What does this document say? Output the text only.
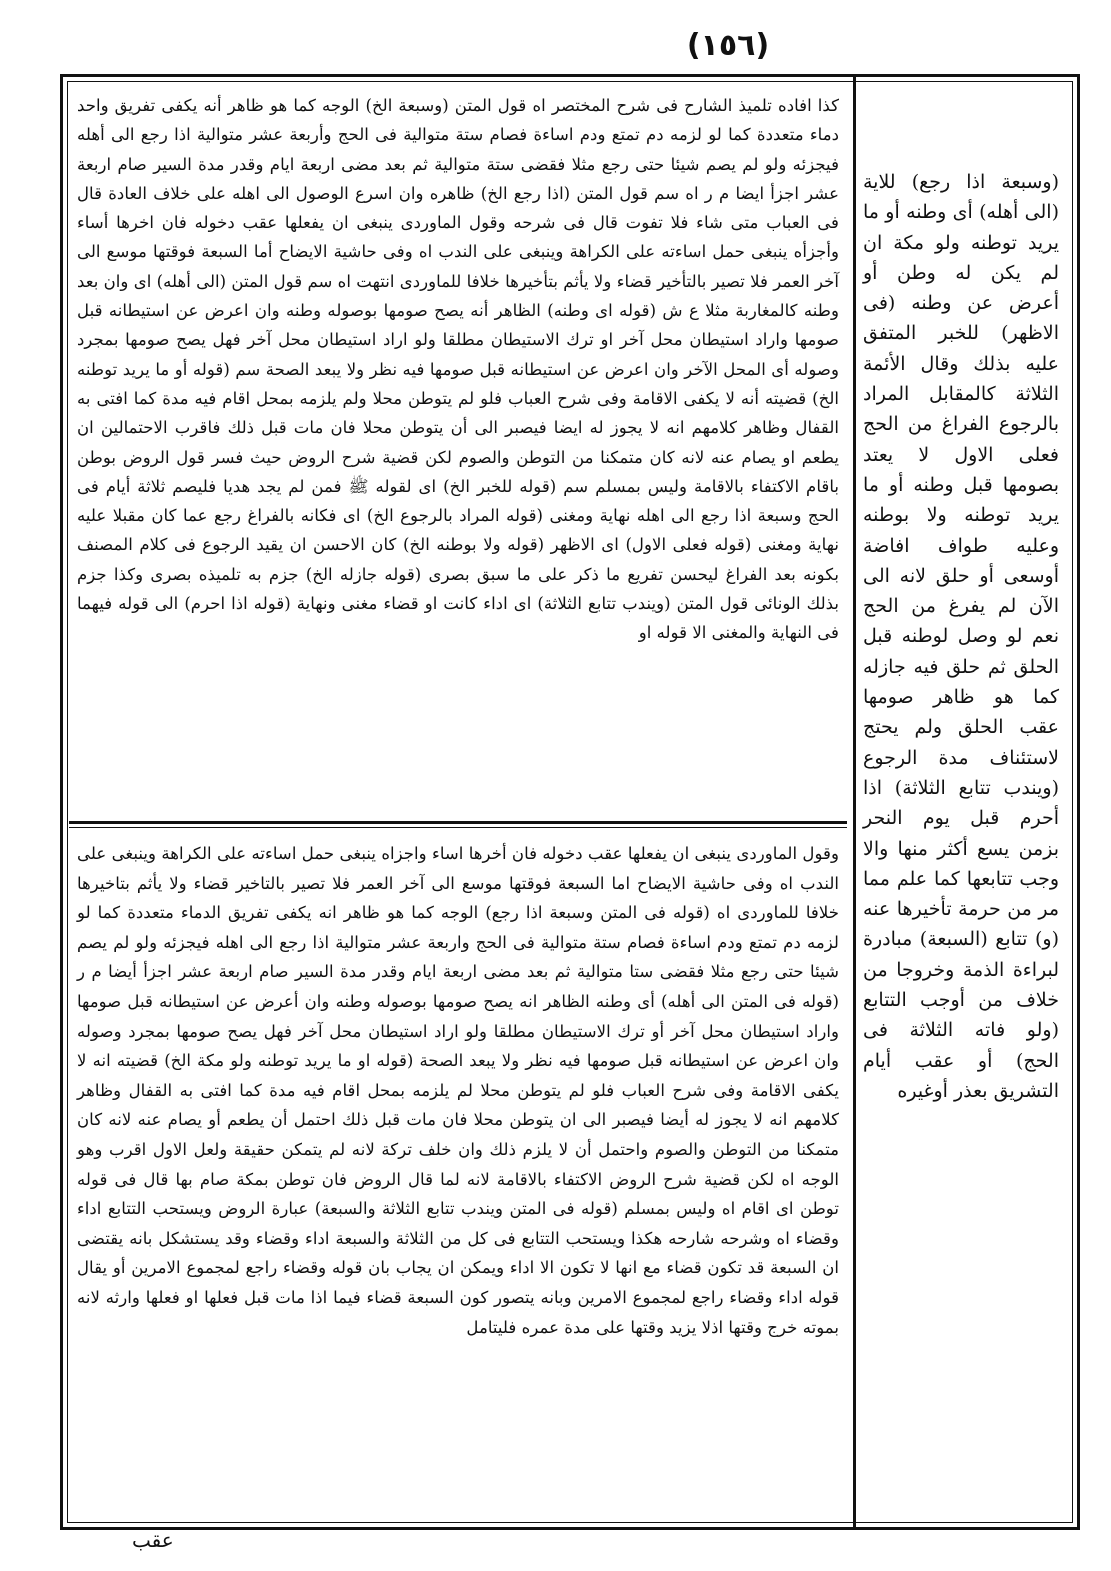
(١٥٦)
كذا افاده تلميذ الشارح فى شرح المختصر اه قول المتن (وسبعة الخ) الوجه كما هو ظاهر أنه يكفى تفريق واحد دماء متعددة كما لو لزمه دم تمتع ودم اساءة فصام ستة متوالية فى الحج وأربعة عشر متوالية اذا رجع الى أهله فيجزئه ولو لم يصم شيئا حتى رجع مثلا فقضى ستة متوالية ثم بعد مضى اربعة ايام وقدر مدة السير صام اربعة عشر اجزأ ايضا م ر اه سم قول المتن (اذا رجع الخ) ظاهره وان اسرع الوصول الى اهله على خلاف العادة قال فى العباب متى شاء فلا تفوت قال فى شرحه وقول الماوردى ينبغى ان يفعلها عقب دخوله فان اخرها أساء وأجزأه ينبغى حمل اساءته على الكراهة وينبغى على الندب اه وفى حاشية الايضاح أما السبعة فوقتها موسع الى آخر العمر فلا تصير بالتأخير قضاء ولا يأثم بتأخيرها خلافا للماوردى انتهت اه سم قول المتن (الى أهله) اى وان بعد وطنه كالمغاربة مثلا ع ش (قوله اى وطنه) الظاهر أنه يصح صومها بوصوله وطنه وان اعرض عن استيطانه قبل صومها واراد استيطان محل آخر او ترك الاستيطان مطلقا ولو اراد استيطان محل آخر فهل يصح صومها بمجرد وصوله أى المحل الآخر وان اعرض عن استيطانه قبل صومها فيه نظر ولا يبعد الصحة سم (قوله أو ما يريد توطنه الخ) قضيته أنه لا يكفى الاقامة وفى شرح العباب فلو لم يتوطن محلا ولم يلزمه بمحل اقام فيه مدة كما افتى به القفال وظاهر كلامهم انه لا يجوز له ايضا فيصبر الى أن يتوطن محلا فان مات قبل ذلك فاقرب الاحتمالين ان يطعم او يصام عنه لانه كان متمكنا من التوطن والصوم لكن قضية شرح الروض حيث فسر قول الروض بوطن باقام الاكتفاء بالاقامة وليس بمسلم سم (قوله للخبر الخ) اى لقوله ﷺ فمن لم يجد هديا فليصم ثلاثة أيام فى الحج وسبعة اذا رجع الى اهله نهاية ومغنى (قوله المراد بالرجوع الخ) اى فكانه بالفراغ رجع عما كان مقبلا عليه نهاية ومغنى (قوله فعلى الاول) اى الاظهر (قوله ولا بوطنه الخ) كان الاحسن ان يقيد الرجوع فى كلام المصنف بكونه بعد الفراغ ليحسن تفريع ما ذكر على ما سبق بصرى (قوله جازله الخ) جزم به تلميذه بصرى وكذا جزم بذلك الونائى قول المتن (ويندب تتابع الثلاثة) اى اداء كانت او قضاء مغنى ونهاية (قوله اذا احرم) الى قوله فيهما فى النهاية والمغنى الا قوله او
وقول الماوردى ينبغى ان يفعلها عقب دخوله فان أخرها اساء واجزاه ينبغى حمل اساءته على الكراهة وينبغى على الندب اه وفى حاشية الايضاح اما السبعة فوقتها موسع الى آخر العمر فلا تصير بالتاخير قضاء ولا يأثم بتاخيرها خلافا للماوردى اه (قوله فى المتن وسبعة اذا رجع) الوجه كما هو ظاهر انه يكفى تفريق الدماء متعددة كما لو لزمه دم تمتع ودم اساءة فصام ستة متوالية فى الحج واربعة عشر متوالية اذا رجع الى اهله فيجزئه ولو لم يصم شيئا حتى رجع مثلا فقضى ستا متوالية ثم بعد مضى اربعة ايام وقدر مدة السير صام اربعة عشر اجزأ أيضا م ر (قوله فى المتن الى أهله) أى وطنه الظاهر انه يصح صومها بوصوله وطنه وان أعرض عن استيطانه قبل صومها واراد استيطان محل آخر أو ترك الاستيطان مطلقا ولو اراد استيطان محل آخر فهل يصح صومها بمجرد وصوله وان اعرض عن استيطانه قبل صومها فيه نظر ولا يبعد الصحة (قوله او ما يريد توطنه ولو مكة الخ) قضيته انه لا يكفى الاقامة وفى شرح العباب فلو لم يتوطن محلا لم يلزمه بمحل اقام فيه مدة كما افتى به القفال وظاهر كلامهم انه لا يجوز له أيضا فيصبر الى ان يتوطن محلا فان مات قبل ذلك احتمل أن يطعم أو يصام عنه لانه كان متمكنا من التوطن والصوم واحتمل أن لا يلزم ذلك وان خلف تركة لانه لم يتمكن حقيقة ولعل الاول اقرب وهو الوجه اه لكن قضية شرح الروض الاكتفاء بالاقامة لانه لما قال الروض فان توطن بمكة صام بها قال فى قوله توطن اى اقام اه وليس بمسلم (قوله فى المتن ويندب تتابع الثلاثة والسبعة) عبارة الروض ويستحب التتابع اداء وقضاء اه وشرحه شارحه هكذا ويستحب التتابع فى كل من الثلاثة والسبعة اداء وقضاء وقد يستشكل بانه يقتضى ان السبعة قد تكون قضاء مع انها لا تكون الا اداء ويمكن ان يجاب بان قوله وقضاء راجع لمجموع الامرين أو يقال قوله اداء وقضاء راجع لمجموع الامرين وبانه يتصور كون السبعة قضاء فيما اذا مات قبل فعلها او فعلها وارثه لانه بموته خرج وقتها اذلا يزيد وقتها على مدة عمره فليتامل
(وسبعة اذا رجع) للاية (الى أهله) أى وطنه أو ما يريد توطنه ولو مكة ان لم يكن له وطن أو أعرض عن وطنه (فى الاظهر) للخبر المتفق عليه بذلك وقال الأئمة الثلاثة كالمقابل المراد بالرجوع الفراغ من الحج فعلى الاول لا يعتد بصومها قبل وطنه أو ما يريد توطنه ولا بوطنه وعليه طواف افاضة أوسعى أو حلق لانه الى الآن لم يفرغ من الحج نعم لو وصل لوطنه قبل الحلق ثم حلق فيه جازله كما هو ظاهر صومها عقب الحلق ولم يحتج لاستئناف مدة الرجوع (ويندب تتابع الثلاثة) اذا أحرم قبل يوم النحر بزمن يسع أكثر منها والا وجب تتابعها كما علم مما مر من حرمة تأخيرها عنه (و) تتابع (السبعة) مبادرة لبراءة الذمة وخروجا من خلاف من أوجب التتابع (ولو فاته الثلاثة فى الحج) أو عقب أيام التشريق بعذر أوغيره
عقب
